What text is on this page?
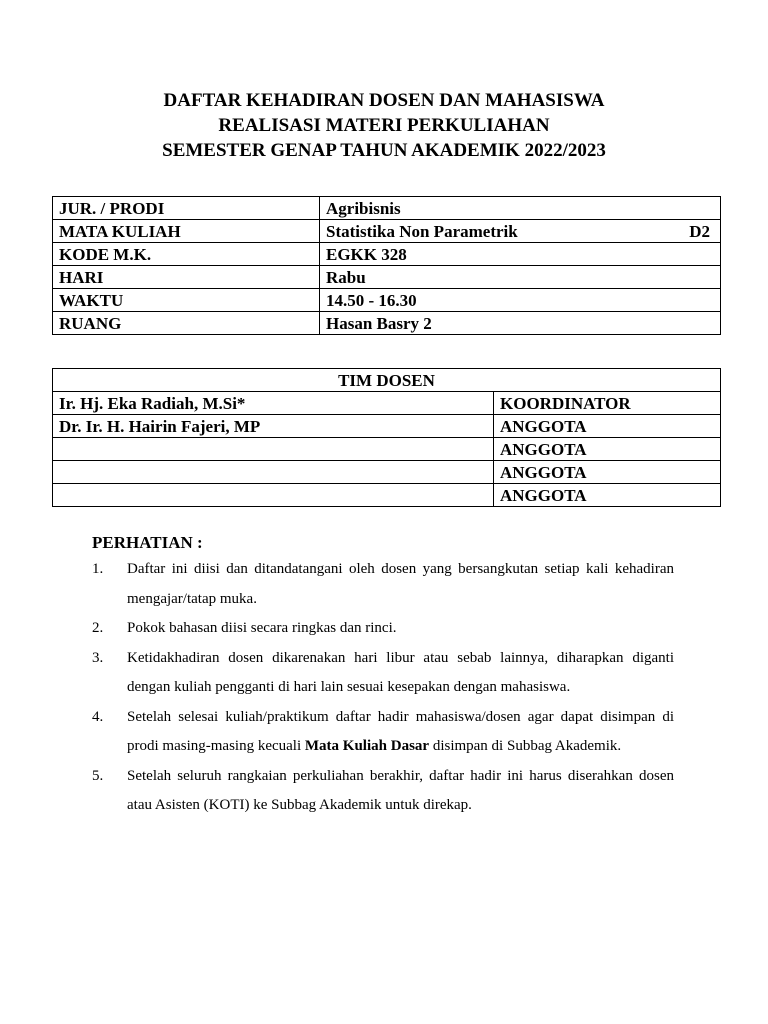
DAFTAR KEHADIRAN DOSEN DAN MAHASISWA
REALISASI MATERI PERKULIAHAN
SEMESTER GENAP TAHUN AKADEMIK 2022/2023
JUR. / PRODI	Agribisnis
MATA KULIAH	Statistika Non Parametrik D2

KODE M.K.	EGKK 328
HARI	Rabu
WAKTU	14.50 - 16.30
RUANG	Hasan Basry 2
TIM DOSEN	
Ir. Hj. Eka Radiah, M.Si*	KOORDINATOR
Dr. Ir. H. Hairin Fajeri, MP	ANGGOTA
	ANGGOTA
	ANGGOTA
	ANGGOTA
PERHATIAN :
1. Daftar ini diisi dan ditandatangani oleh dosen yang bersangkutan setiap kali kehadiran mengajar/tatap muka.
2. Pokok bahasan diisi secara ringkas dan rinci.
3. Ketidakhadiran dosen dikarenakan hari libur atau sebab lainnya, diharapkan diganti dengan kuliah pengganti di hari lain sesuai kesepakan dengan mahasiswa.
4. Setelah selesai kuliah/praktikum daftar hadir mahasiswa/dosen agar dapat disimpan di prodi masing-masing kecuali Mata Kuliah Dasar disimpan di Subbag Akademik.
5. Setelah seluruh rangkaian perkuliahan berakhir, daftar hadir ini harus diserahkan dosen atau Asisten (KOTI) ke Subbag Akademik untuk direkap.
